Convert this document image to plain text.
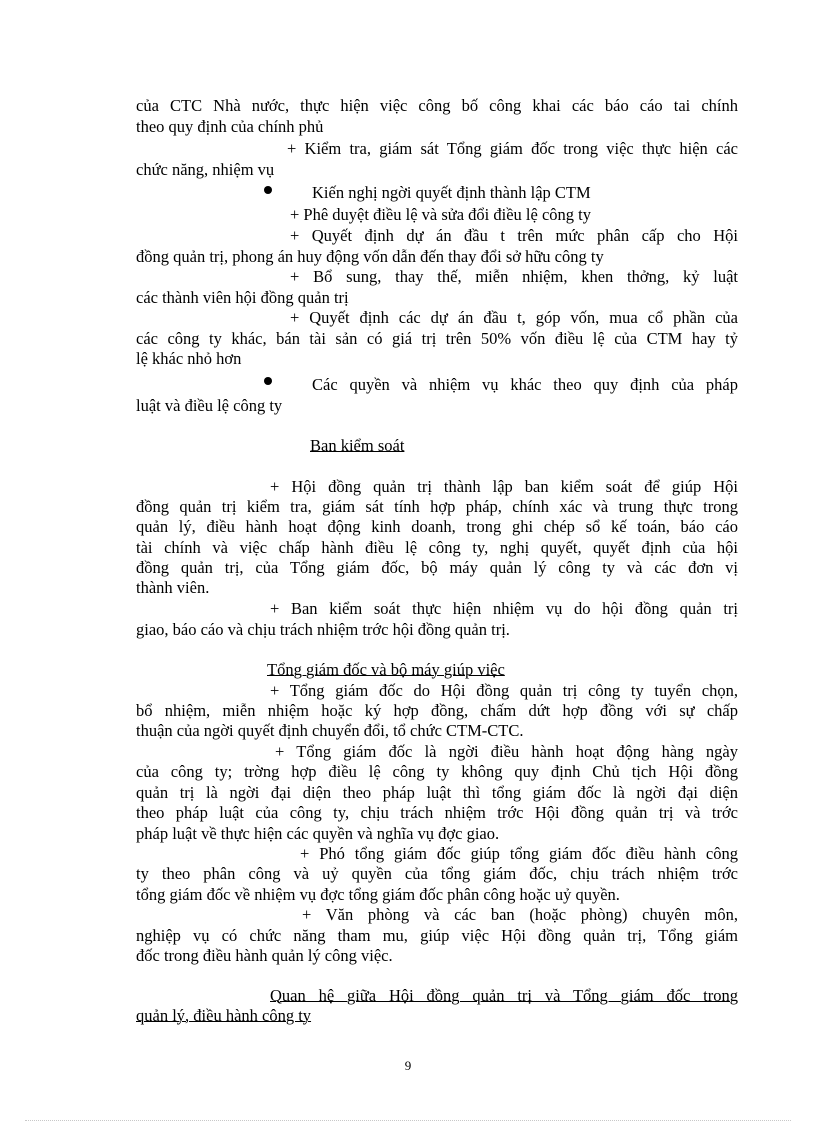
của CTC Nhà nước, thực hiện việc công bố công khai các báo cáo tai chính
theo quy định của chính phủ
+ Kiểm tra, giám sát Tổng giám đốc trong việc thực hiện các
chức năng, nhiệm vụ
Kiến nghị ngời quyết định thành lập CTM
+ Phê duyệt điều lệ và sửa đổi điều lệ công ty
+ Quyết định dự án đầu t trên mức phân cấp cho Hội
đồng quản trị, phong án huy động vốn dẫn đến thay đổi sở hữu công ty
+ Bổ sung, thay thế, miễn nhiệm, khen thởng, kỷ luật
các thành viên hội đồng quản trị
+ Quyết định các dự án đầu t, góp vốn, mua cổ phần của
các công ty khác, bán tài sản có giá trị trên 50% vốn điều lệ của CTM hay tỷ
lệ khác nhỏ hơn
Các quyền và nhiệm vụ khác theo quy định của pháp
luật và điều lệ công ty
Ban kiểm soát
+ Hội đồng quản trị thành lập ban kiểm soát để giúp Hội
đồng quản trị kiểm tra, giám sát tính hợp pháp, chính xác và trung thực trong
quản lý, điều hành hoạt động kinh doanh, trong ghi chép sổ kế toán, báo cáo
tài chính và việc chấp hành điều lệ công ty, nghị quyết, quyết định của hội
đồng quản trị, của Tổng giám đốc, bộ máy quản lý công ty và các đơn vị
thành viên.
+ Ban kiểm soát thực hiện nhiệm vụ do hội đồng quản trị
giao, báo cáo và chịu trách nhiệm trớc hội đồng quản trị.
Tổng giám đốc và bộ máy giúp việc
+ Tổng giám đốc do Hội đồng quản trị công ty tuyển chọn,
bổ nhiệm, miễn nhiệm hoặc ký hợp đồng, chấm dứt hợp đồng với sự chấp
thuận của ngời quyết định chuyển đổi, tổ chức CTM-CTC.
+ Tổng giám đốc là ngời điều hành hoạt động hàng ngày
của công ty; trờng hợp điều lệ công ty không quy định Chủ tịch Hội đồng
quản trị là ngời đại diện theo pháp luật thì tổng giám đốc là ngời đại diện
theo pháp luật của công ty, chịu trách nhiệm trớc Hội đồng quản trị và trớc
pháp luật về thực hiện các quyền và nghĩa vụ đợc giao.
+ Phó tổng giám đốc giúp tổng giám đốc điều hành công
ty theo phân công và uỷ quyền của tổng giám đốc, chịu trách nhiệm trớc
tổng giám đốc về nhiệm vụ đợc tổng giám đốc phân công hoặc uỷ quyền.
+ Văn phòng và các ban (hoặc phòng) chuyên môn,
nghiệp vụ có chức năng tham mu, giúp việc Hội đồng quản trị, Tổng giám
đốc trong điều hành quản lý công việc.
Quan hệ giữa Hội đồng quản trị và Tổng giám đốc trong
quản lý, điều hành công ty
9
